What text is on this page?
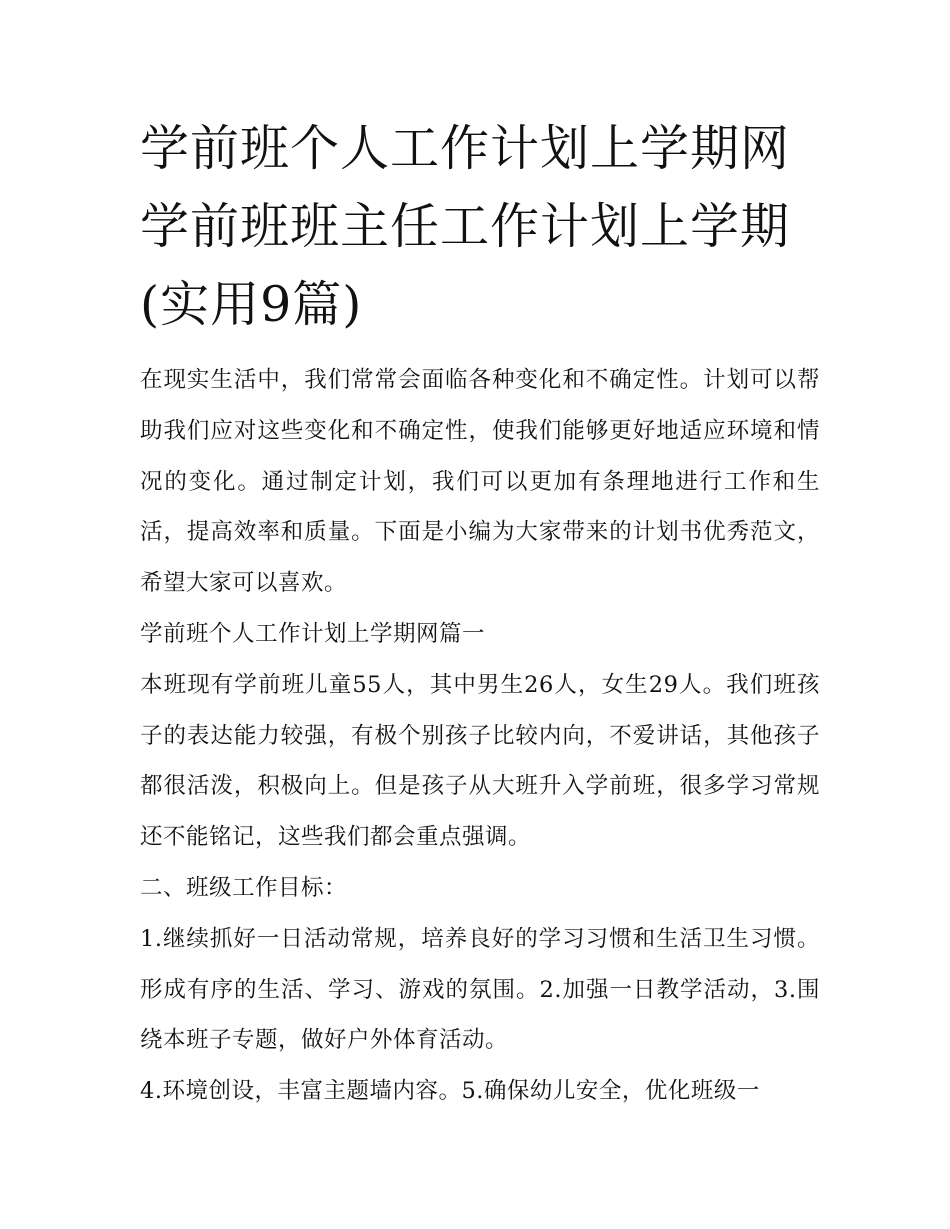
学前班个人工作计划上学期网
学前班班主任工作计划上学期
(实用9篇)

在现实生活中，我们常常会面临各种变化和不确定性。计划可以帮助我们应对这些变化和不确定性，使我们能够更好地适应环境和情况的变化。通过制定计划，我们可以更加有条理地进行工作和生活，提高效率和质量。下面是小编为大家带来的计划书优秀范文，希望大家可以喜欢。

学前班个人工作计划上学期网篇一

本班现有学前班儿童55人，其中男生26人，女生29人。我们班孩子的表达能力较强，有极个别孩子比较内向，不爱讲话，其他孩子都很活泼，积极向上。但是孩子从大班升入学前班，很多学习常规还不能铭记，这些我们都会重点强调。

二、班级工作目标：

1.继续抓好一日活动常规，培养良好的学习习惯和生活卫生习惯。形成有序的生活、学习、游戏的氛围。2.加强一日教学活动，3.围绕本班子专题，做好户外体育活动。

4.环境创设，丰富主题墙内容。5.确保幼儿安全，优化班级一
